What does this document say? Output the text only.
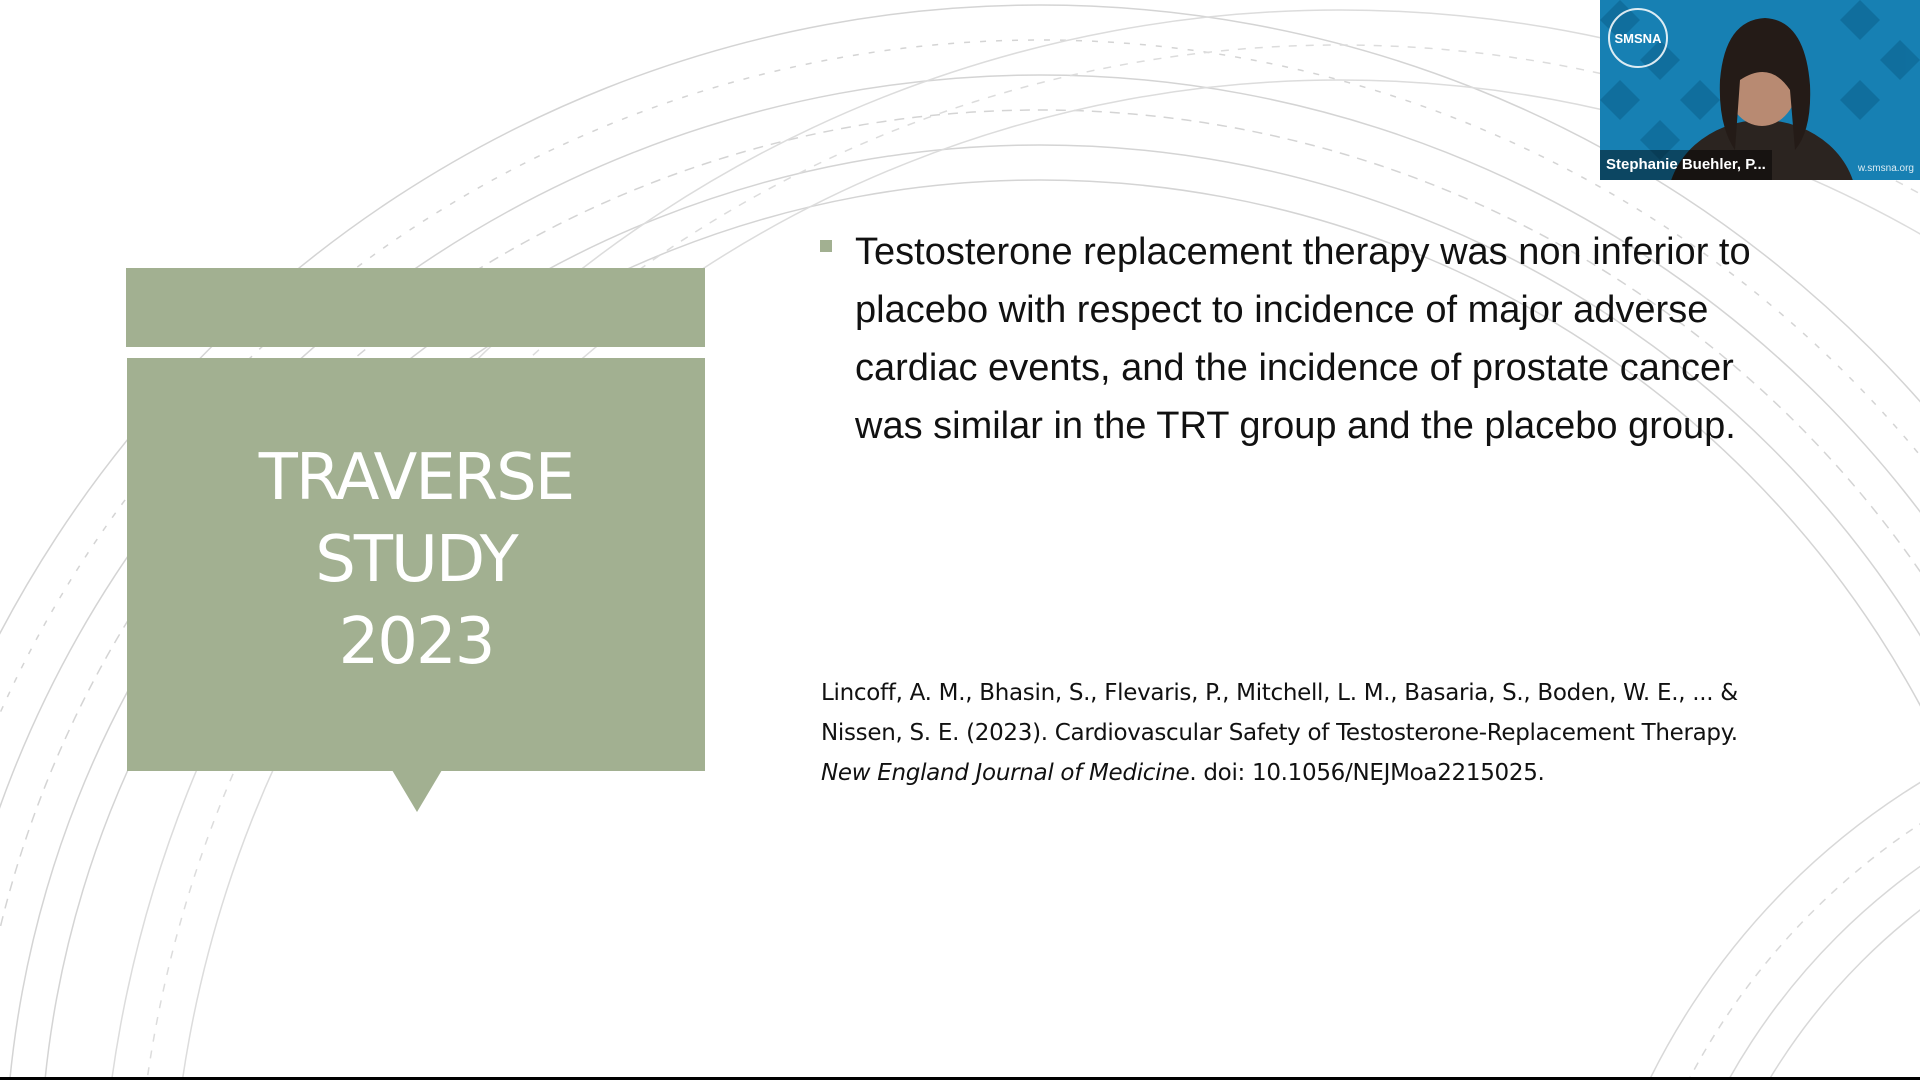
TRAVERSE
STUDY
2023
Testosterone replacement therapy was non inferior to placebo with respect to incidence of major adverse cardiac events, and the incidence of prostate cancer was similar in the TRT group and the placebo group.
Lincoff, A. M., Bhasin, S., Flevaris, P., Mitchell, L. M., Basaria, S., Boden, W. E., ... & Nissen, S. E. (2023). Cardiovascular Safety of Testosterone-Replacement Therapy. New England Journal of Medicine. doi: 10.1056/NEJMoa2215025.
SMSNA
Stephanie Buehler, P...	w.smsna.org
